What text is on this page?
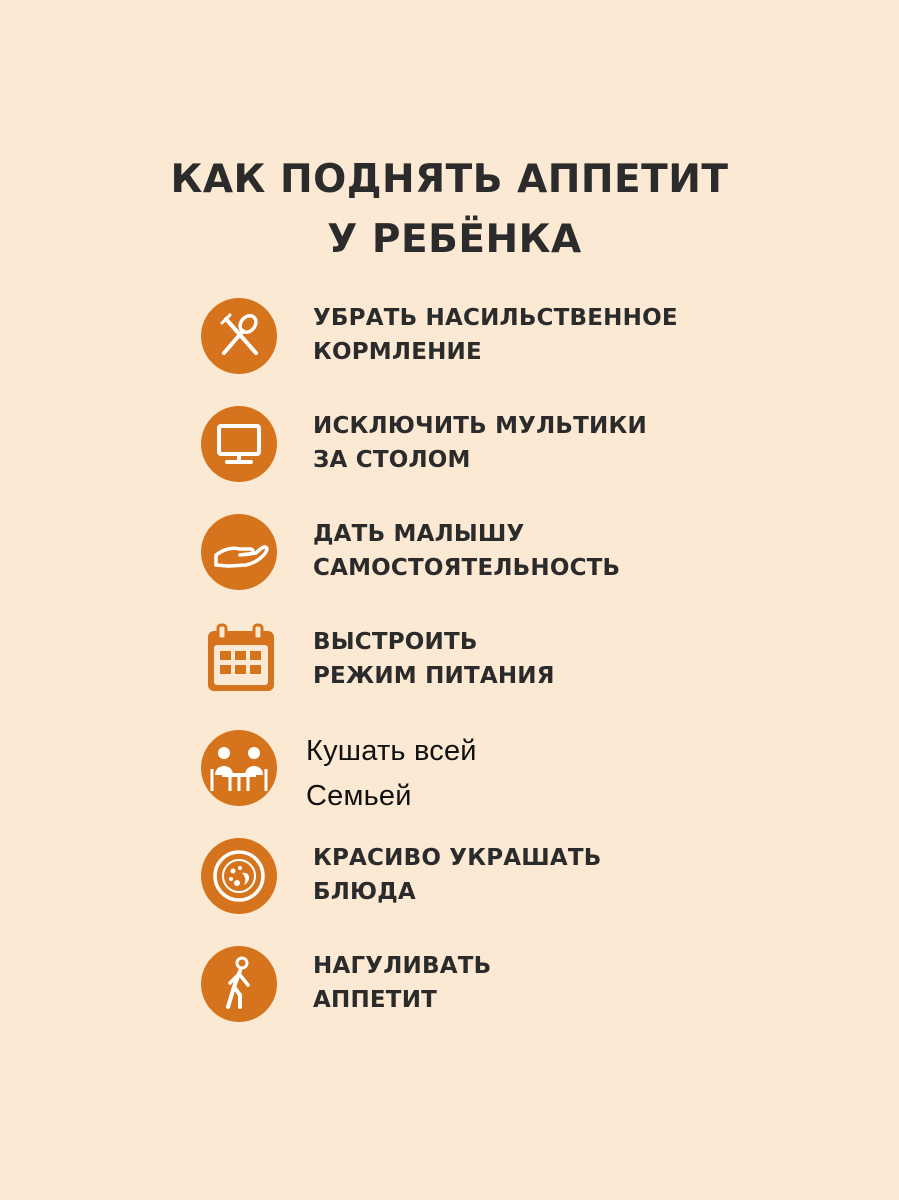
КАК ПОДНЯТЬ АППЕТИТ
У РЕБЁНКА
УБРАТЬ НАСИЛЬСТВЕННОЕ
КОРМЛЕНИЕ
ИСКЛЮЧИТЬ МУЛЬТИКИ
ЗА СТОЛОМ
ДАТЬ МАЛЫШУ
САМОСТОЯТЕЛЬНОСТЬ
ВЫСТРОИТЬ
РЕЖИМ ПИТАНИЯ
Кушать всей
Семьей
КРАСИВО УКРАШАТЬ
БЛЮДА
НАГУЛИВАТЬ
АППЕТИТ
